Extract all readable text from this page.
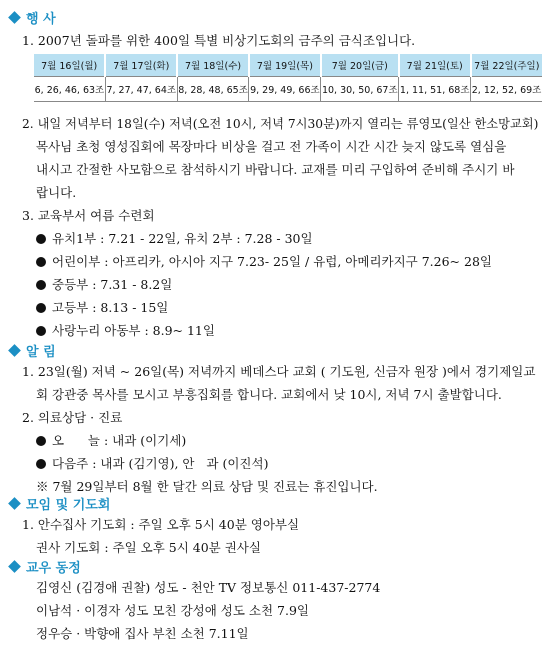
행 사
1. 2007년 돌파를 위한 400일 특별 비상기도회의 금주의 금식조입니다.
7월 16일(월)	7월 17일(화)	7월 18일(수)	7월 19일(목)	7월 20일(금)	7월 21일(토)	7월 22일(주일)
6, 26, 46, 63조	7, 27, 47, 64조	8, 28, 48, 65조	9, 29, 49, 66조	10, 30, 50, 67조	1, 11, 51, 68조	2, 12, 52, 69조
2. 내일 저녁부터 18일(수) 저녁(오전 10시, 저녁 7시30분)까지 열리는 류영모(일산 한소망교회)
목사님 초청 영성집회에 목장마다 비상을 걸고 전 가족이 시간 시간 늦지 않도록 열심을
내시고 간절한 사모함으로 참석하시기 바랍니다. 교재를 미리 구입하여 준비해 주시기 바
랍니다.
3. 교육부서 여름 수련회
유치1부 : 7.21 - 22일, 유치 2부 : 7.28 - 30일
어린이부 : 아프리카, 아시아 지구 7.23- 25일 / 유럽, 아메리카지구 7.26~ 28일
중등부 : 7.31 - 8.2일
고등부 : 8.13 - 15일
사랑누리 아동부 : 8.9~ 11일
알 림
1. 23일(월) 저녁 ~ 26일(목) 저녁까지 베데스다 교회 ( 기도원, 신금자 원장 )에서 경기제일교
회 강관중 목사를 모시고 부흥집회를 합니다. 교회에서 낮 10시, 저녁 7시 출발합니다.
2. 의료상담 · 진료
오      늘 : 내과 (이기세)
다음주 : 내과 (김기영), 안   과 (이진석)
※ 7월 29일부터 8월 한 달간 의료 상담 및 진료는 휴진입니다.
모임 및 기도회
1. 안수집사 기도회 : 주일 오후 5시 40분 영아부실
권사 기도회 : 주일 오후 5시 40분 권사실
교우 동정
김영신 (김경애 권찰) 성도 - 천안 TV 정보통신 011-437-2774
이남석 · 이경자 성도 모친 강성애 성도 소천 7.9일
정우승 · 박향애 집사 부친 소천 7.11일
